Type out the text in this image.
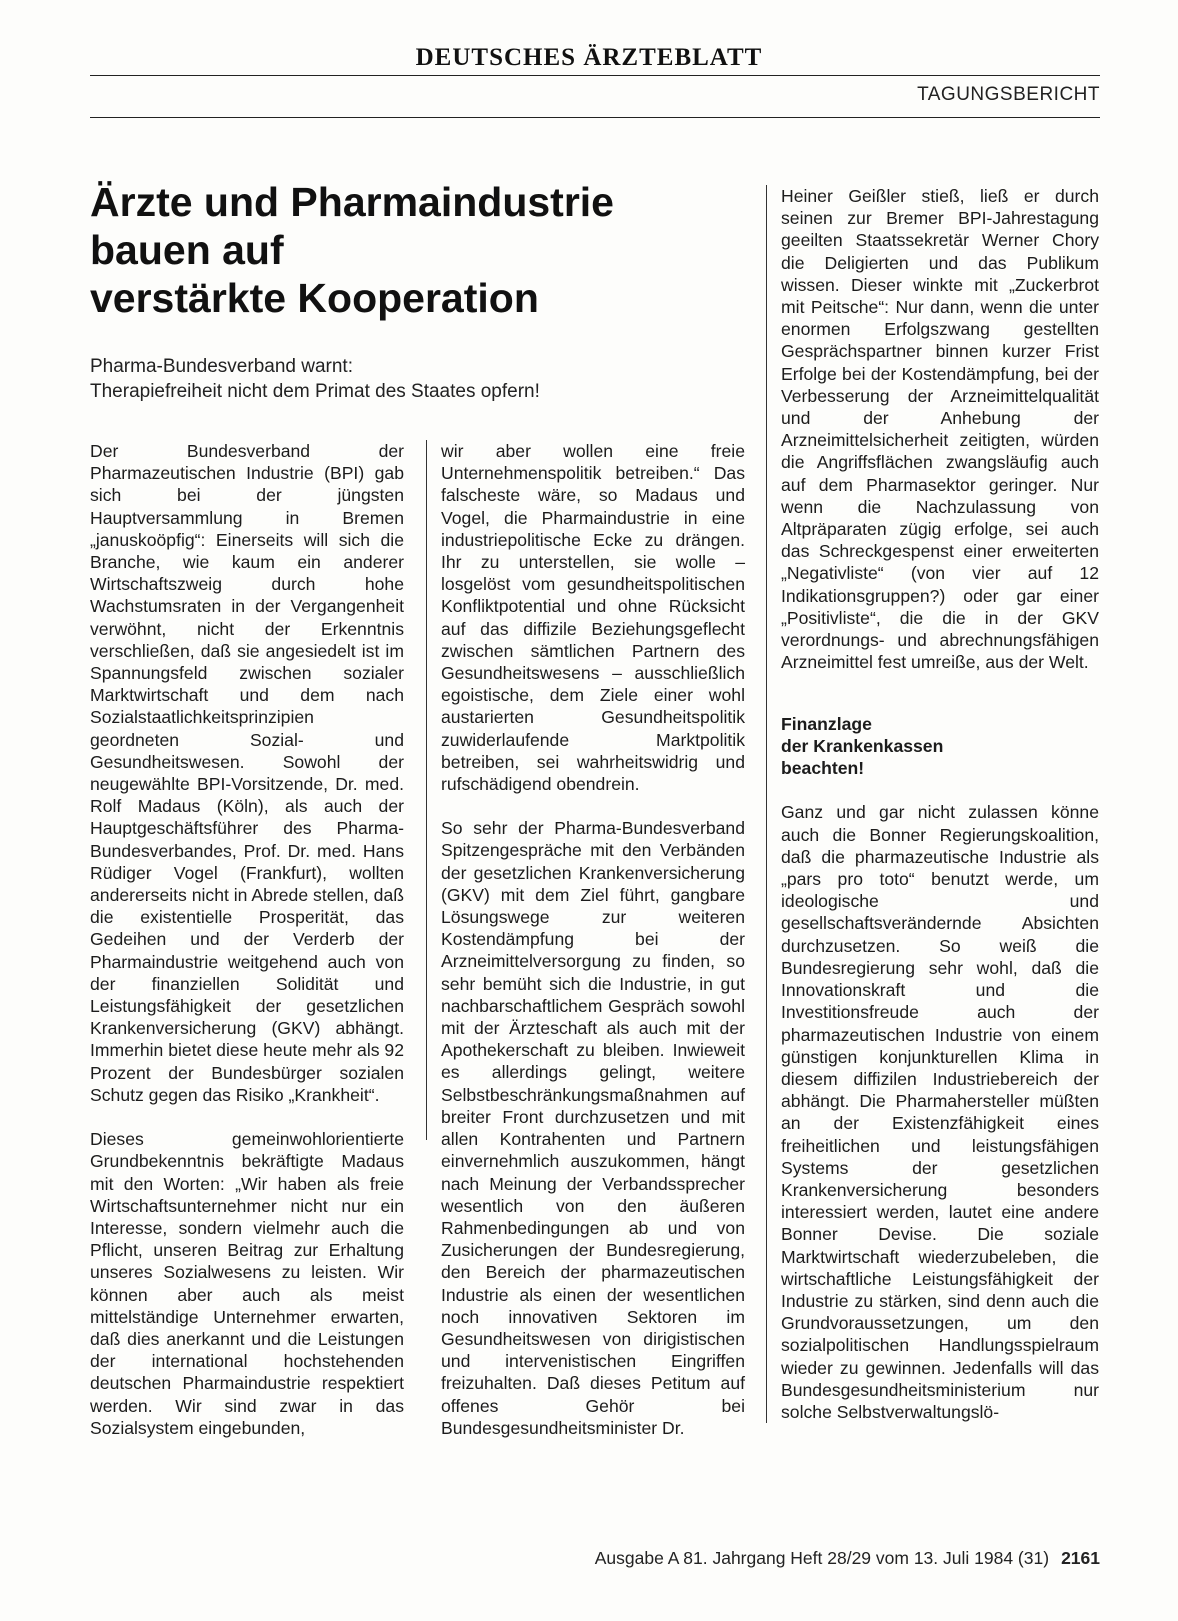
DEUTSCHES ÄRZTEBLATT
TAGUNGSBERICHT
Ärzte und Pharmaindustrie
bauen auf
verstärkte Kooperation
Pharma-Bundesverband warnt:
Therapiefreiheit nicht dem Primat des Staates opfern!

Der Bundesverband der Pharmazeutischen Industrie (BPI) gab sich bei der jüngsten Hauptversammlung in Bremen „januskoöpfig“: Einerseits will sich die Branche, wie kaum ein anderer Wirtschaftszweig durch hohe Wachstumsraten in der Vergangenheit verwöhnt, nicht der Erkenntnis verschließen, daß sie angesiedelt ist im Spannungsfeld zwischen sozialer Marktwirtschaft und dem nach Sozialstaatlichkeitsprinzipien geordneten Sozial- und Gesundheitswesen. Sowohl der neugewählte BPI-Vorsitzende, Dr. med. Rolf Madaus (Köln), als auch der Hauptgeschäftsführer des Pharma-Bundesverbandes, Prof. Dr. med. Hans Rüdiger Vogel (Frankfurt), wollten andererseits nicht in Abrede stellen, daß die existentielle Prosperität, das Gedeihen und der Verderb der Pharmaindustrie weitgehend auch von der finanziellen Solidität und Leistungsfähigkeit der gesetzlichen Krankenversicherung (GKV) abhängt. Immerhin bietet diese heute mehr als 92 Prozent der Bundesbürger sozialen Schutz gegen das Risiko „Krankheit“.

Dieses gemeinwohlorientierte Grundbekenntnis bekräftigte Madaus mit den Worten: „Wir haben als freie Wirtschaftsunternehmer nicht nur ein Interesse, sondern vielmehr auch die Pflicht, unseren Beitrag zur Erhaltung unseres Sozialwesens zu leisten. Wir können aber auch als meist mittelständige Unternehmer erwarten, daß dies anerkannt und die Leistungen der international hochstehenden deutschen Pharmaindustrie respektiert werden. Wir sind zwar in das Sozialsystem eingebunden,

wir aber wollen eine freie Unternehmenspolitik betreiben.“ Das falscheste wäre, so Madaus und Vogel, die Pharmaindustrie in eine industriepolitische Ecke zu drängen. Ihr zu unterstellen, sie wolle – losgelöst vom gesundheitspolitischen Konfliktpotential und ohne Rücksicht auf das diffizile Beziehungsgeflecht zwischen sämtlichen Partnern des Gesundheitswesens – ausschließlich egoistische, dem Ziele einer wohl austarierten Gesundheitspolitik zuwiderlaufende Marktpolitik betreiben, sei wahrheitswidrig und rufschädigend obendrein.

So sehr der Pharma-Bundesverband Spitzengespräche mit den Verbänden der gesetzlichen Krankenversicherung (GKV) mit dem Ziel führt, gangbare Lösungswege zur weiteren Kostendämpfung bei der Arzneimittelversorgung zu finden, so sehr bemüht sich die Industrie, in gut nachbarschaftlichem Gespräch sowohl mit der Ärzteschaft als auch mit der Apothekerschaft zu bleiben. Inwieweit es allerdings gelingt, weitere Selbstbeschränkungsmaßnahmen auf breiter Front durchzusetzen und mit allen Kontrahenten und Partnern einvernehmlich auszukommen, hängt nach Meinung der Verbandssprecher wesentlich von den äußeren Rahmenbedingungen ab und von Zusicherungen der Bundesregierung, den Bereich der pharmazeutischen Industrie als einen der wesentlichen noch innovativen Sektoren im Gesundheitswesen von dirigistischen und intervenistischen Eingriffen freizuhalten. Daß dieses Petitum auf offenes Gehör bei Bundesgesundheitsminister Dr.

Heiner Geißler stieß, ließ er durch seinen zur Bremer BPI-Jahrestagung geeilten Staatssekretär Werner Chory die Deligierten und das Publikum wissen. Dieser winkte mit „Zuckerbrot mit Peitsche“: Nur dann, wenn die unter enormen Erfolgszwang gestellten Gesprächspartner binnen kurzer Frist Erfolge bei der Kostendämpfung, bei der Verbesserung der Arzneimittelqualität und der Anhebung der Arzneimittelsicherheit zeitigten, würden die Angriffsflächen zwangsläufig auch auf dem Pharmasektor geringer. Nur wenn die Nachzulassung von Altpräparaten zügig erfolge, sei auch das Schreckgespenst einer erweiterten „Negativliste“ (von vier auf 12 Indikationsgruppen?) oder gar einer „Positivliste“, die die in der GKV verordnungs- und abrechnungsfähigen Arzneimittel fest umreiße, aus der Welt.

Finanzlage
der Krankenkassen
beachten!

Ganz und gar nicht zulassen könne auch die Bonner Regierungskoalition, daß die pharmazeutische Industrie als „pars pro toto“ benutzt werde, um ideologische und gesellschaftsverändernde Absichten durchzusetzen. So weiß die Bundesregierung sehr wohl, daß die Innovationskraft und die Investitionsfreude auch der pharmazeutischen Industrie von einem günstigen konjunkturellen Klima in diesem diffizilen Industriebereich der abhängt. Die Pharmahersteller müßten an der Existenzfähigkeit eines freiheitlichen und leistungsfähigen Systems der gesetzlichen Krankenversicherung besonders interessiert werden, lautet eine andere Bonner Devise. Die soziale Marktwirtschaft wiederzubeleben, die wirtschaftliche Leistungsfähigkeit der Industrie zu stärken, sind denn auch die Grundvoraussetzungen, um den sozialpolitischen Handlungsspielraum wieder zu gewinnen. Jedenfalls will das Bundesgesundheitsministerium nur solche Selbstverwaltungslö-

Ausgabe A 81. Jahrgang Heft 28/29 vom 13. Juli 1984 (31) 2161
